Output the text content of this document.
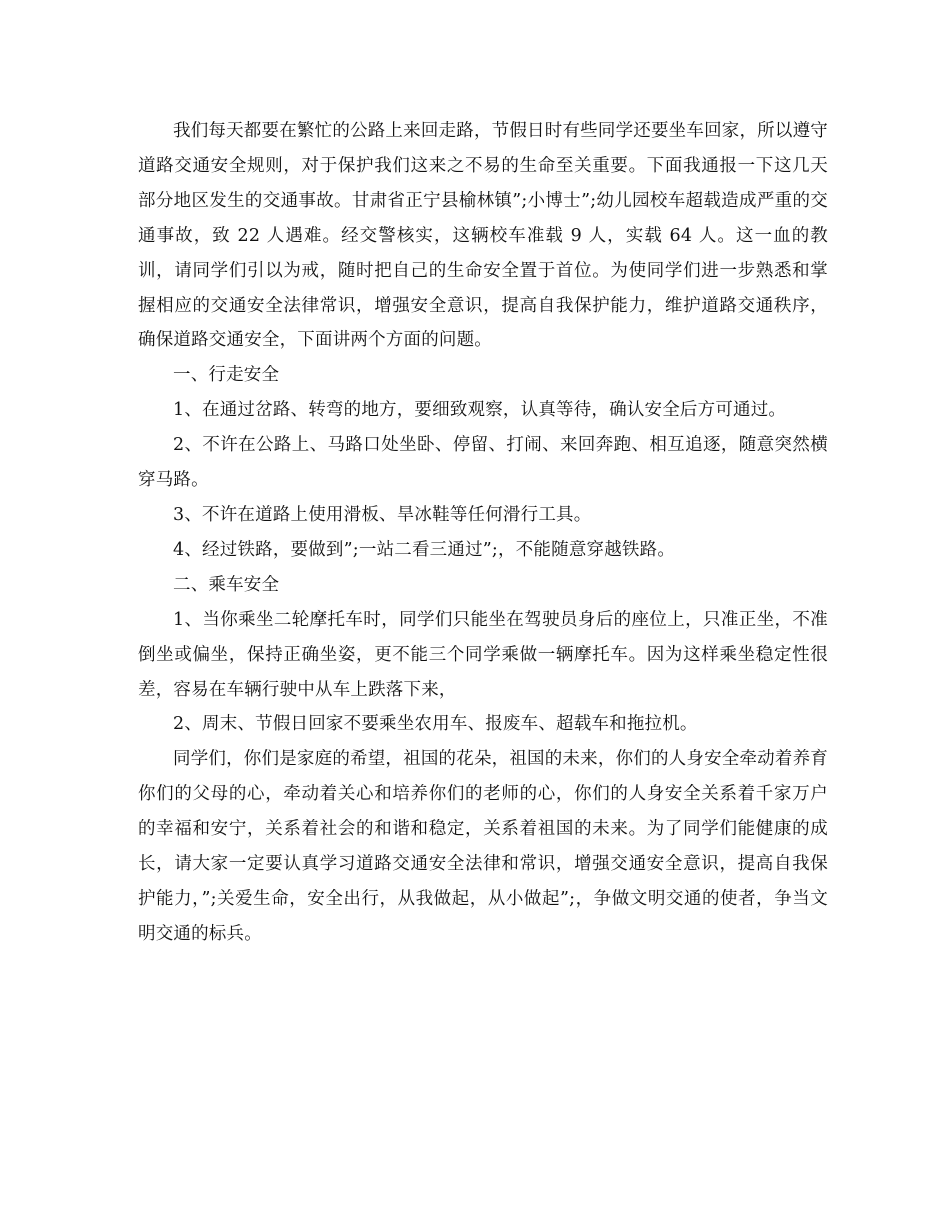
我们每天都要在繁忙的公路上来回走路，节假日时有些同学还要坐车回家，所以遵守道路交通安全规则，对于保护我们这来之不易的生命至关重要。下面我通报一下这几天部分地区发生的交通事故。甘肃省正宁县榆林镇”;小博士”;幼儿园校车超载造成严重的交通事故，致 22 人遇难。经交警核实，这辆校车准载 9 人，实载 64 人。这一血的教训，请同学们引以为戒，随时把自己的生命安全置于首位。为使同学们进一步熟悉和掌握相应的交通安全法律常识，增强安全意识，提高自我保护能力，维护道路交通秩序，确保道路交通安全，下面讲两个方面的问题。

一、行走安全

1、在通过岔路、转弯的地方，要细致观察，认真等待，确认安全后方可通过。

2、不许在公路上、马路口处坐卧、停留、打闹、来回奔跑、相互追逐，随意突然横穿马路。

3、不许在道路上使用滑板、旱冰鞋等任何滑行工具。

4、经过铁路，要做到”;一站二看三通过”;，不能随意穿越铁路。

二、乘车安全

1、当你乘坐二轮摩托车时，同学们只能坐在驾驶员身后的座位上，只准正坐，不准倒坐或偏坐，保持正确坐姿，更不能三个同学乘做一辆摩托车。因为这样乘坐稳定性很差，容易在车辆行驶中从车上跌落下来，

2、周末、节假日回家不要乘坐农用车、报废车、超载车和拖拉机。

同学们，你们是家庭的希望，祖国的花朵，祖国的未来，你们的人身安全牵动着养育你们的父母的心，牵动着关心和培养你们的老师的心，你们的人身安全关系着千家万户的幸福和安宁，关系着社会的和谐和稳定，关系着祖国的未来。为了同学们能健康的成长，请大家一定要认真学习道路交通安全法律和常识，增强交通安全意识，提高自我保护能力，”;关爱生命，安全出行，从我做起，从小做起”;，争做文明交通的使者，争当文明交通的标兵。
